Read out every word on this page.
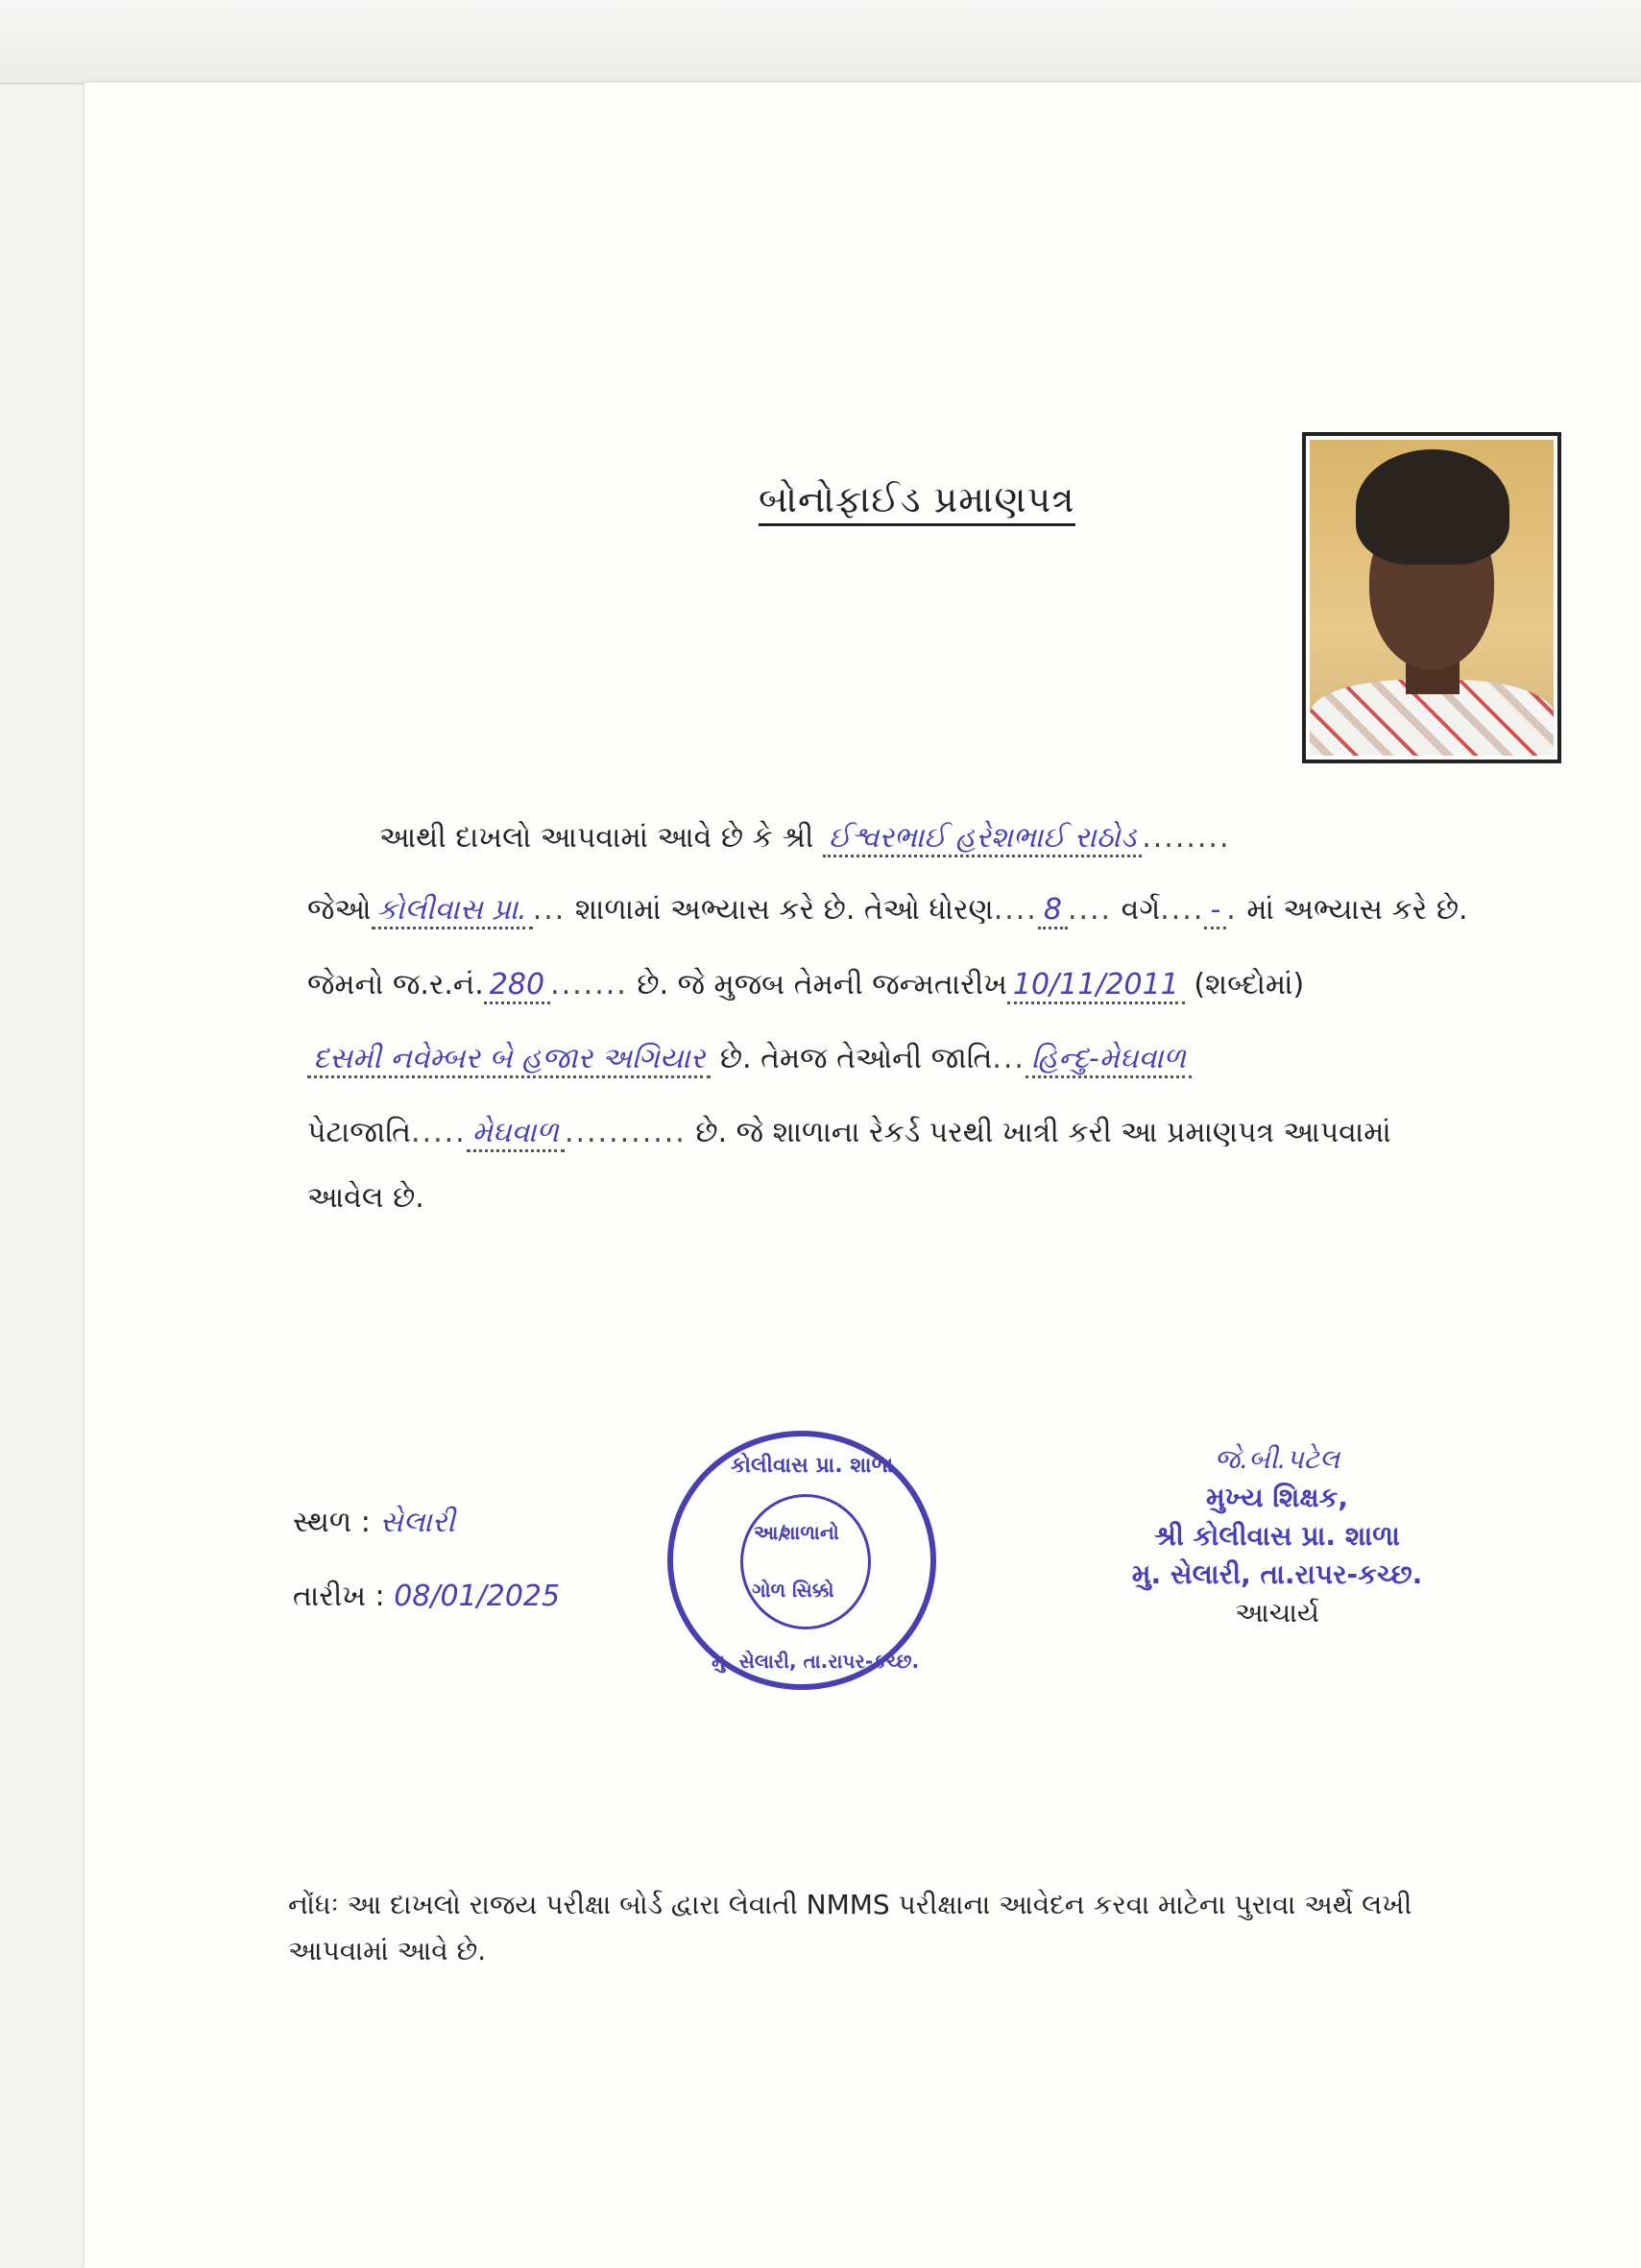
બોનોફાઈડ પ્રમાણપત્ર
આથી દાખલો આપવામાં આવે છે કે શ્રી ઈશ્વરભાઈ હરેશભાઈ રાઠોડ ........
જેઓ કોલીવાસ પ્રા. ... શાળામાં અભ્યાસ કરે છે. તેઓ ધોરણ.... 8 .... વર્ગ.... - . માં અભ્યાસ કરે છે.
જેમનો જ.ર.નં. 280 ....... છે. જે મુજબ તેમની જન્મતારીખ 10/11/2011 (શબ્દોમાં)
દસમી નવેમ્બર બે હજાર અગિયાર છે. તેમજ તેઓની જાતિ... હિન્દુ-મેઘવાળ
પેટાજાતિ..... મેઘવાળ ........... છે. જે શાળાના રેકર્ડ પરથી ખાત્રી કરી આ પ્રમાણપત્ર આપવામાં
આવેલ છે.
સ્થળ : સેલારી
તારીખ : 08/01/2025
કોલીવાસ પ્રા. શાળા
આ/
શાળાનો
ગોળ સિક્કો
મુ. સેલારી, તા.રાપર-કચ્છ.
જે.બી.પટેલ
મુખ્ય શિક્ષક,
શ્રી કોલીવાસ પ્રા. શાળા
મુ. સેલારી, તા.રાપર-કચ્છ.
આચાર્ય
નોંધઃ આ દાખલો રાજય પરીક્ષા બોર્ડ દ્વારા લેવાતી NMMS પરીક્ષાના આવેદન કરવા માટેના પુરાવા અર્થે લખી આપવામાં આવે છે.
